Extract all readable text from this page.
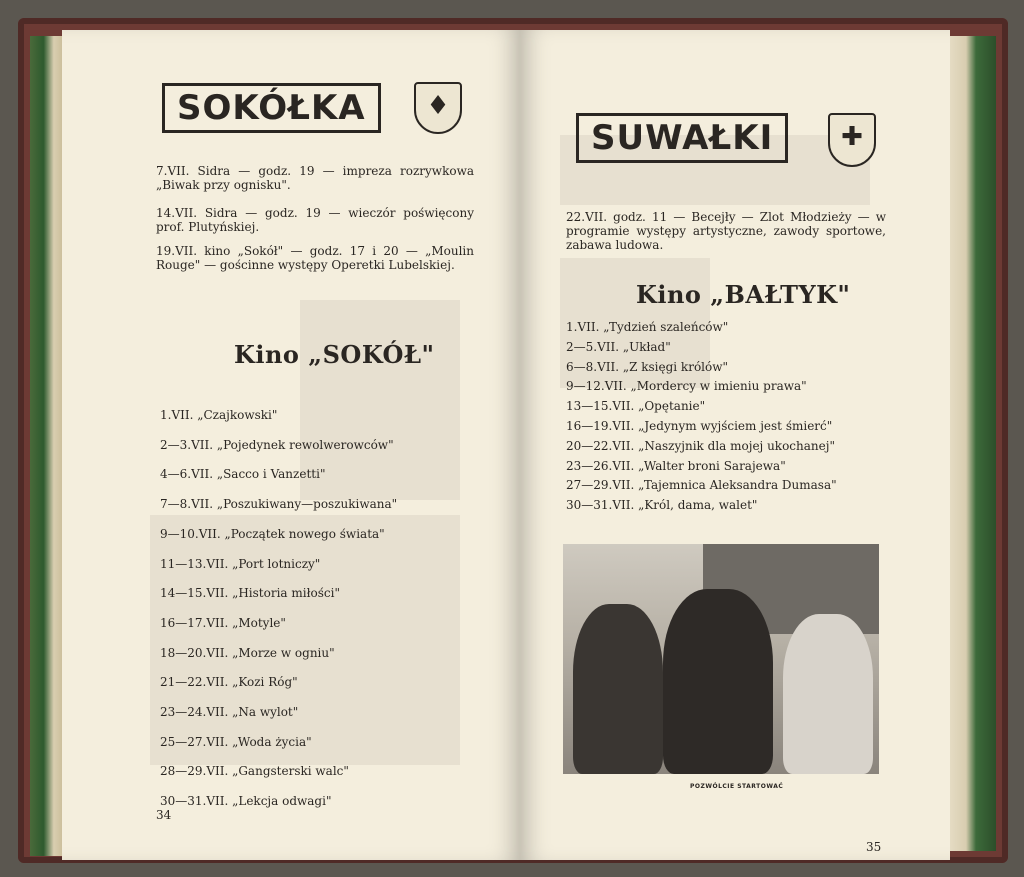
SOKÓŁKA	♦
7.VII. Sidra — godz. 19 — impreza rozrywkowa „Biwak przy ognisku".
14.VII. Sidra — godz. 19 — wieczór poświęcony prof. Plutyńskiej.
19.VII. kino „Sokół" — godz. 17 i 20 — „Moulin Rouge" — gościnne występy Operetki Lubelskiej.
Kino „SOKÓŁ"
1.VII. „Czajkowski"
2—3.VII. „Pojedynek rewolwerowców"
4—6.VII. „Sacco i Vanzetti"
7—8.VII. „Poszukiwany—poszukiwana"
9—10.VII. „Początek nowego świata"
11—13.VII. „Port lotniczy"
14—15.VII. „Historia miłości"
16—17.VII. „Motyle"
18—20.VII. „Morze w ogniu"
21—22.VII. „Kozi Róg"
23—24.VII. „Na wylot"
25—27.VII. „Woda życia"
28—29.VII. „Gangsterski walc"
30—31.VII. „Lekcja odwagi"
34
SUWAŁKI	✚
22.VII. godz. 11 — Becejły — Zlot Młodzieży — w programie występy artystyczne, zawody sportowe, zabawa ludowa.
Kino „BAŁTYK"
1.VII. „Tydzień szaleńców"
2—5.VII. „Układ"
6—8.VII. „Z księgi królów"
9—12.VII. „Mordercy w imieniu prawa"
13—15.VII. „Opętanie"
16—19.VII. „Jedynym wyjściem jest śmierć"
20—22.VII. „Naszyjnik dla mojej ukochanej"
23—26.VII. „Walter broni Sarajewa"
27—29.VII. „Tajemnica Aleksandra Dumasa"
30—31.VII. „Król, dama, walet"
POZWÓLCIE STARTOWAĆ
35
